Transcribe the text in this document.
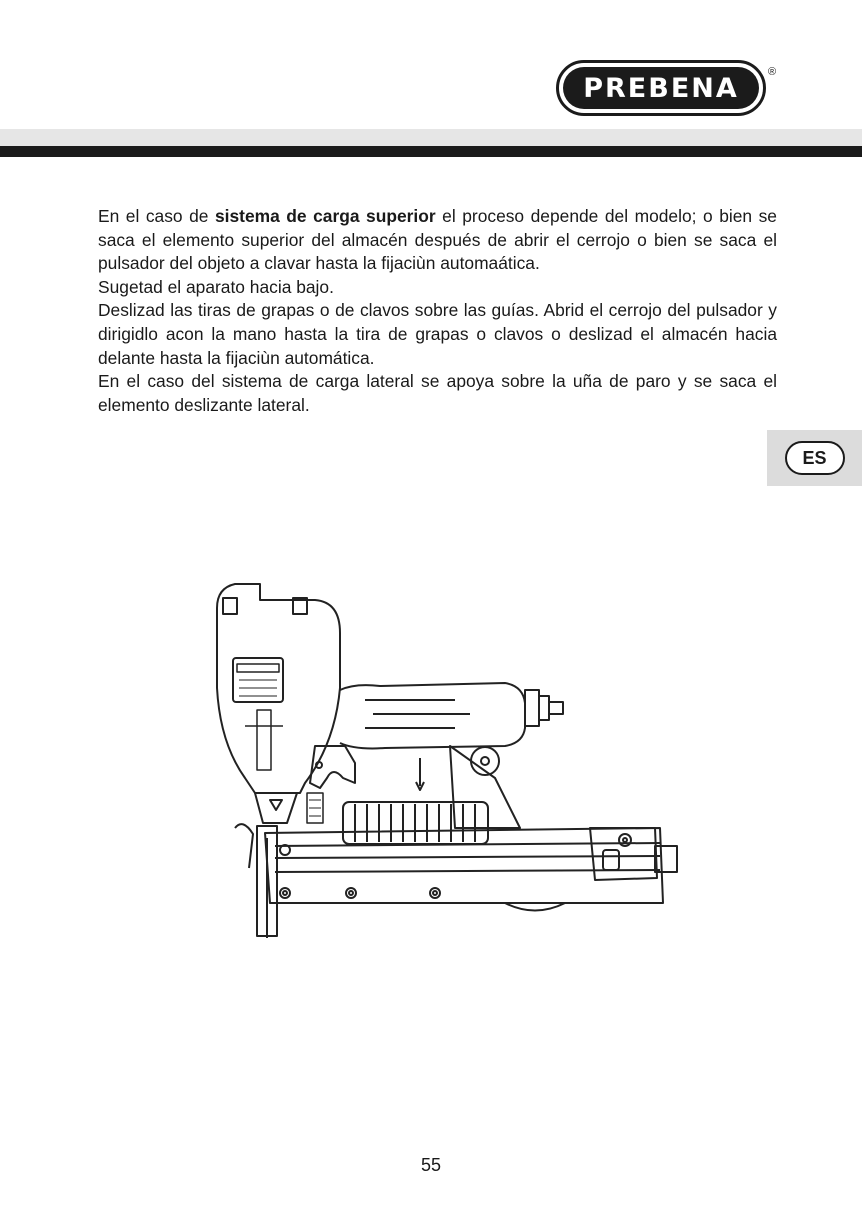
PREBENA
®

En el caso de sistema de carga superior el proceso depende del modelo; o bien se saca el elemento superior del almacén después de abrir el cerrojo o bien se saca el pulsador del objeto a clavar hasta la fijaciùn automaática.

Sugetad el aparato hacia bajo.

Deslizad las tiras de grapas o de clavos sobre las guías. Abrid el cerrojo del pulsador y dirigidlo acon la mano hasta la tira de grapas o clavos o deslizad el almacén hacia delante hasta la fijaciùn automática.

En el caso del sistema de carga lateral se apoya sobre la uña de paro y se saca el elemento deslizante lateral.

ES
55
